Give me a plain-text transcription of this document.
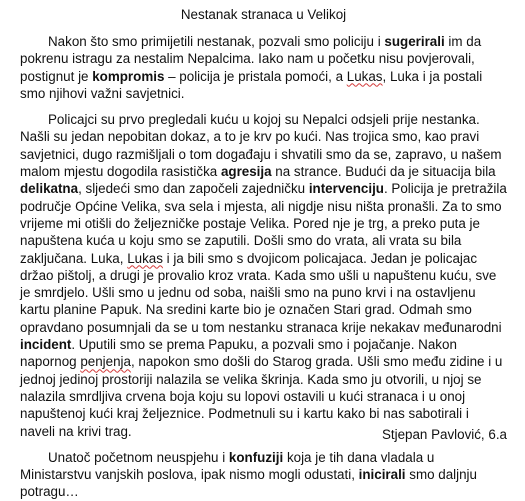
Nestanak stranaca u Velikoj

Nakon što smo primijetili nestanak, pozvali smo policiju i sugerirali im da pokrenu istragu za nestalim Nepalcima. Iako nam u početku nisu povjerovali, postignut je kompromis – policija je pristala pomoći, a Lukas, Luka i ja postali smo njihovi važni savjetnici.

Policajci su prvo pregledali kuću u kojoj su Nepalci odsjeli prije nestanka. Našli su jedan nepobitan dokaz, a to je krv po kući. Nas trojica smo, kao pravi savjetnici, dugo razmišljali o tom događaju i shvatili smo da se, zapravo, u našem malom mjestu dogodila rasistička agresija na strance. Budući da je situacija bila delikatna, sljedeći smo dan započeli zajedničku intervenciju. Policija je pretražila područje Općine Velika, sva sela i mjesta, ali nigdje nisu ništa pronašli. Za to smo vrijeme mi otišli do željezničke postaje Velika. Pored nje je trg, a preko puta je napuštena kuća u koju smo se zaputili. Došli smo do vrata, ali vrata su bila zaključana. Luka, Lukas i ja bili smo s dvojicom policajaca. Jedan je policajac držao pištolj, a drugi je provalio kroz vrata. Kada smo ušli u napuštenu kuću, sve je smrdjelo. Ušli smo u jednu od soba, naišli smo na puno krvi i na ostavljenu kartu planine Papuk. Na sredini karte bio je označen Stari grad. Odmah smo opravdano posumnjali da se u tom nestanku stranaca krije nekakav međunarodni incident. Uputili smo se prema Papuku, a pozvali smo i pojačanje. Nakon napornog penjenja, napokon smo došli do Starog grada. Ušli smo među zidine i u jednoj jedinoj prostoriji nalazila se velika škrinja. Kada smo ju otvorili, u njoj se nalazila smrdljiva crvena boja koju su lopovi ostavili u kući stranaca i u onoj napuštenoj kući kraj željeznice. Podmetnuli su i kartu kako bi nas sabotirali i naveli na krivi trag.

Unatoč početnom neuspjehu i konfuziji koja je tih dana vladala u Ministarstvu vanjskih poslova, ipak nismo mogli odustati, inicirali smo daljnju potragu…

Stjepan Pavlović, 6.a
